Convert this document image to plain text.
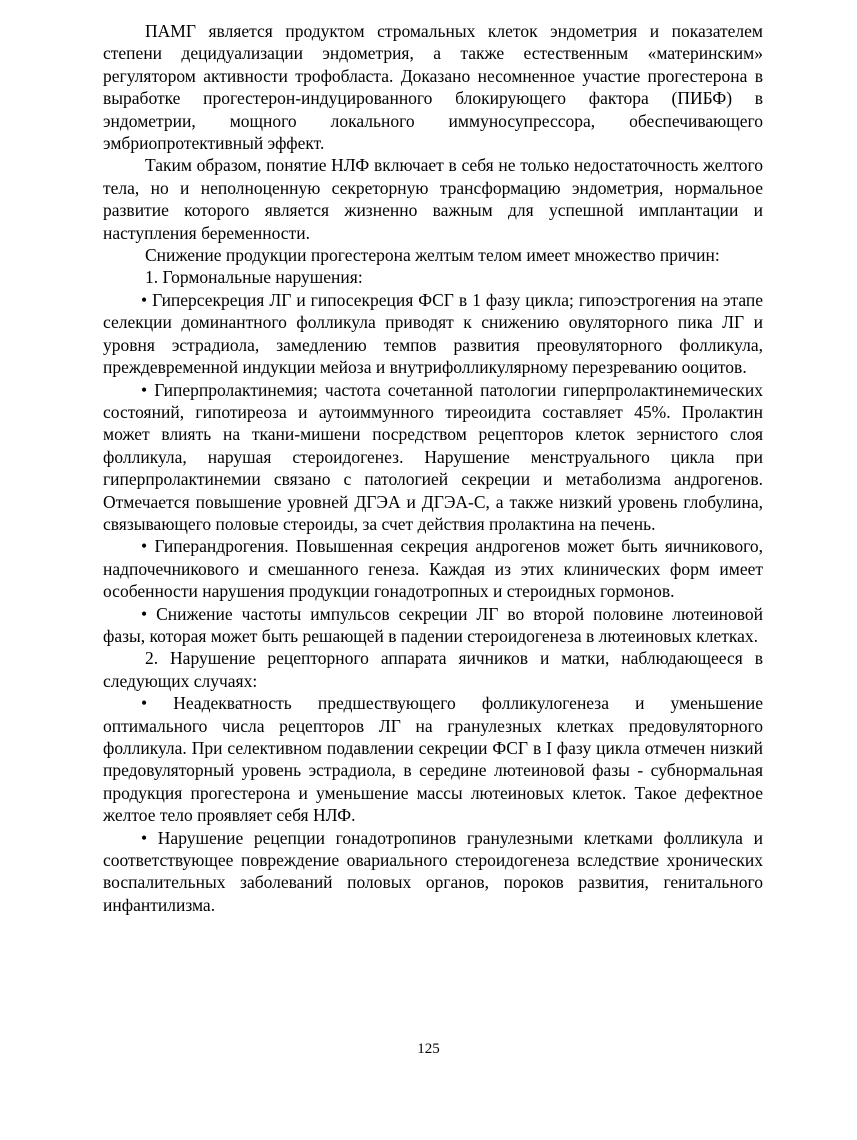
ПАМГ является продуктом стромальных клеток эндометрия и показателем степени децидуализации эндометрия, а также естественным «материнским» регулятором активности трофобласта. Доказано несомненное участие прогестерона в выработке прогестерон-индуцированного блокирующего фактора (ПИБФ) в эндометрии, мощного локального иммуносупрессора, обеспечивающего эмбриопротективный эффект.

Таким образом, понятие НЛФ включает в себя не только недостаточность желтого тела, но и неполноценную секреторную трансформацию эндометрия, нормальное развитие которого является жизненно важным для успешной имплантации и наступления беременности.

Снижение продукции прогестерона желтым телом имеет множество причин:

1. Гормональные нарушения:

• Гиперсекреция ЛГ и гипосекреция ФСГ в 1 фазу цикла; гипоэстрогения на этапе селекции доминантного фолликула приводят к снижению овуляторного пика ЛГ и уровня эстрадиола, замедлению темпов развития преовуляторного фолликула, преждевременной индукции мейоза и внутрифолликулярному перезреванию ооцитов.

• Гиперпролактинемия; частота сочетанной патологии гиперпролактинемических состояний, гипотиреоза и аутоиммунного тиреоидита составляет 45%. Пролактин может влиять на ткани-мишени посредством рецепторов клеток зернистого слоя фолликула, нарушая стероидогенез. Нарушение менструального цикла при гиперпролактинемии связано с патологией секреции и метаболизма андрогенов. Отмечается повышение уровней ДГЭА и ДГЭА-С, а также низкий уровень глобулина, связывающего половые стероиды, за счет действия пролактина на печень.

• Гиперандрогения. Повышенная секреция андрогенов может быть яичникового, надпочечникового и смешанного генеза. Каждая из этих клинических форм имеет особенности нарушения продукции гонадотропных и стероидных гормонов.

• Снижение частоты импульсов секреции ЛГ во второй половине лютеиновой фазы, которая может быть решающей в падении стероидогенеза в лютеиновых клетках.

2. Нарушение рецепторного аппарата яичников и матки, наблюдающееся в следующих случаях:

• Неадекватность предшествующего фолликулогенеза и уменьшение оптимального числа рецепторов ЛГ на гранулезных клетках предовуляторного фолликула. При селективном подавлении секреции ФСГ в I фазу цикла отмечен низкий предовуляторный уровень эстрадиола, в середине лютеиновой фазы - субнормальная продукция прогестерона и уменьшение массы лютеиновых клеток. Такое дефектное желтое тело проявляет себя НЛФ.

• Нарушение рецепции гонадотропинов гранулезными клетками фолликула и соответствующее повреждение овариального стероидогенеза вследствие хронических воспалительных заболеваний половых органов, пороков развития, генитального инфантилизма.

125
